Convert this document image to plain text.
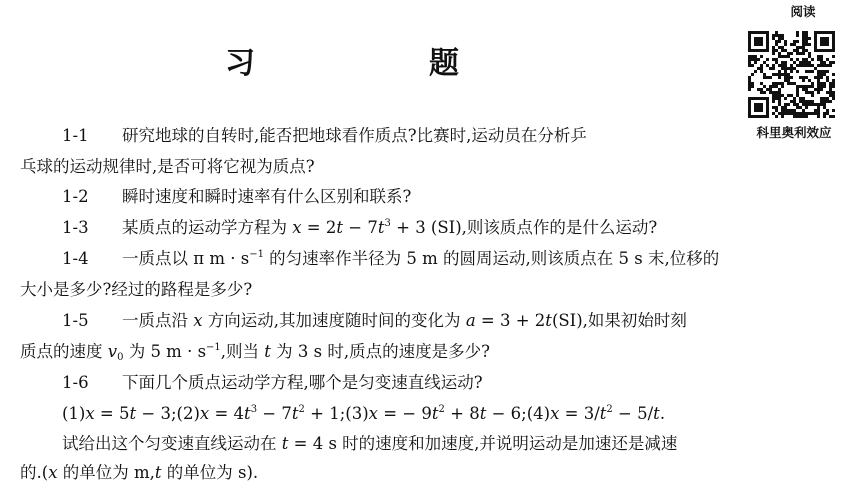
习　题
阅读
科里奥利效应
1-1 研究地球的自转时,能否把地球看作质点?比赛时,运动员在分析乒
乓球的运动规律时,是否可将它视为质点?
1-2 瞬时速度和瞬时速率有什么区别和联系?
1-3 某质点的运动学方程为 $x = 2t - 7t^3 + 3$ (SI),则该质点作的是什么运动?
1-4 一质点以 π $m \cdot s^{-1}$ 的匀速率作半径为 5 m 的圆周运动,则该质点在 5 s 末,位移的
大小是多少?经过的路程是多少?
1-5 一质点沿 x 方向运动,其加速度随时间的变化为 a = 3 + 2t(SI),如果初始时刻
质点的速度 $v_0$ 为 5 $m \cdot s^{-1}$,则当 t 为 3 s 时,质点的速度是多少?
1-6 下面几个质点运动学方程,哪个是匀变速直线运动?
(1)x = 5t − 3;(2)x = $4t^3 - 7t^2$ + 1;(3)x = − $9t^2 + 8t$ − 6;(4)x = $3/t^2 - 5/t$.
试给出这个匀变速直线运动在 t = 4 s 时的速度和加速度,并说明运动是加速还是减速
的.(x 的单位为 m,t 的单位为 s).
